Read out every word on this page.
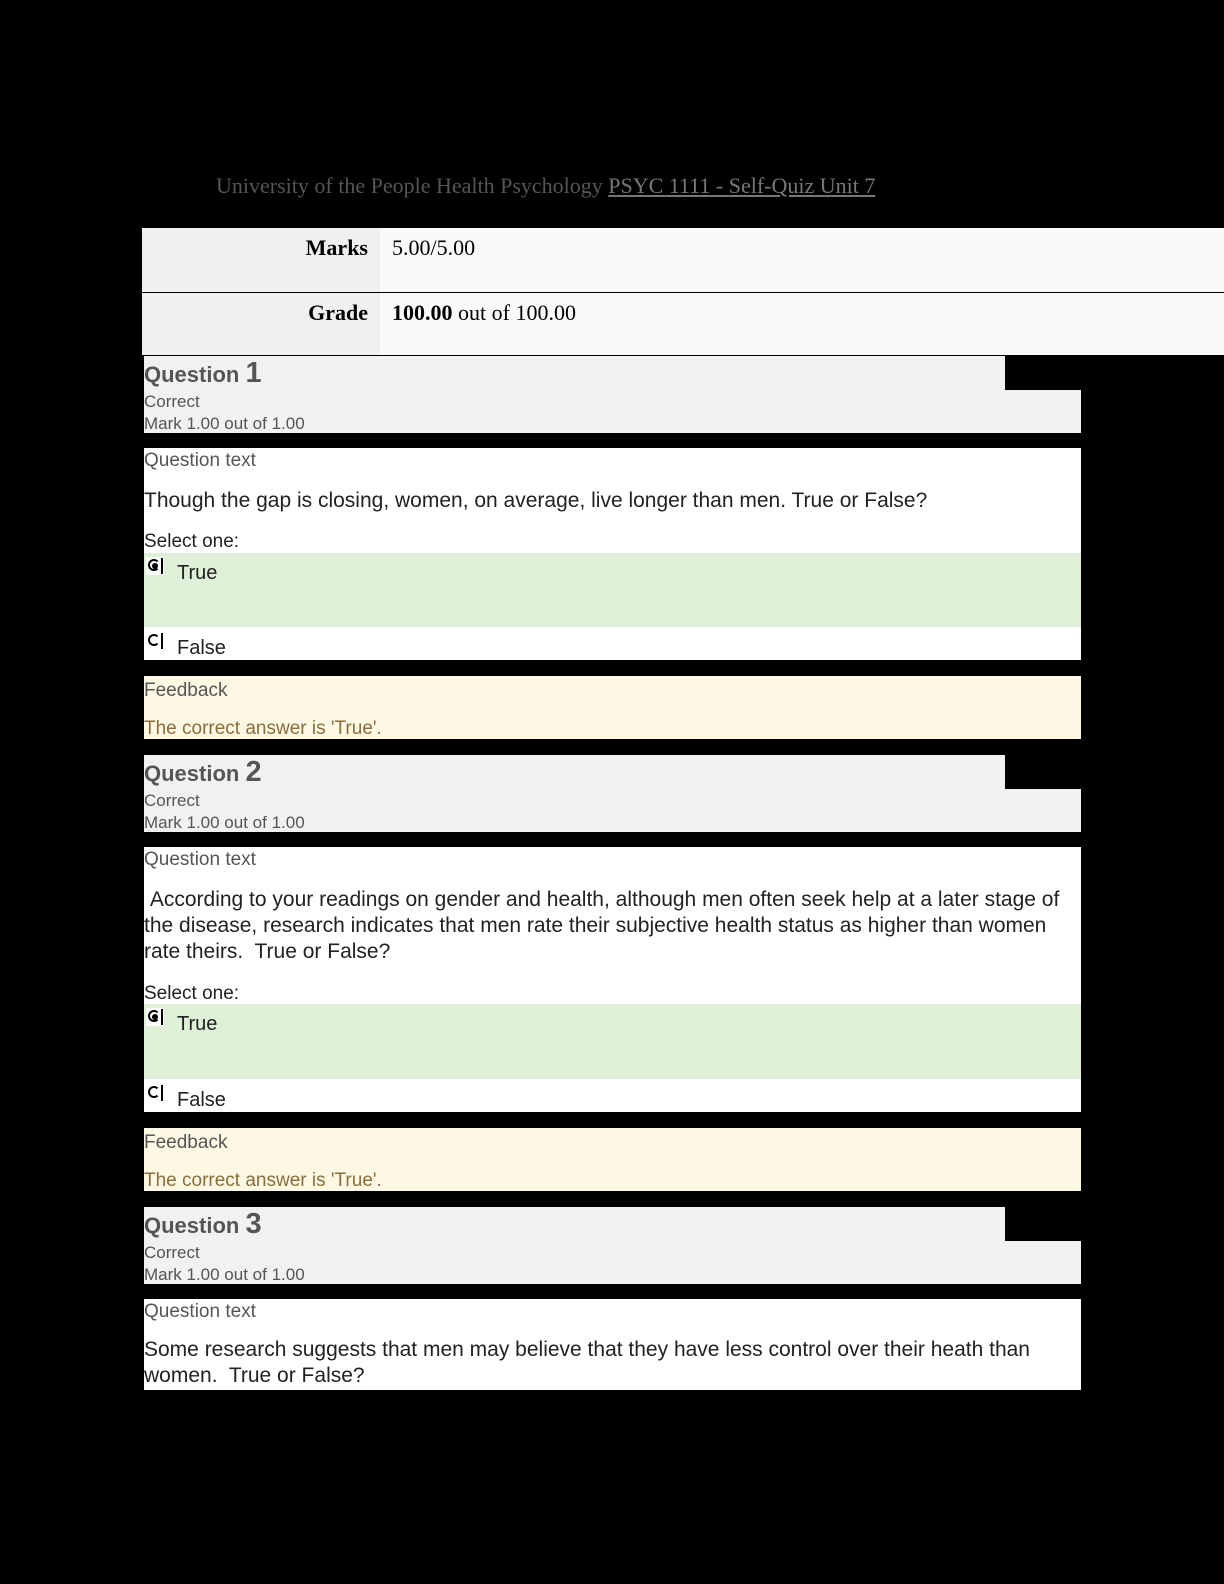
University of the People Health Psychology PSYC 1111 - Self-Quiz Unit 7
Marks	5.00/5.00
Grade	100.00 out of 100.00
Question 1
Correct
Mark 1.00 out of 1.00
Question text
Though the gap is closing, women, on average, live longer than men. True or False?
Select one:
True
False
Feedback
The correct answer is 'True'.
Question 2
Correct
Mark 1.00 out of 1.00
Question text
According to your readings on gender and health, although men often seek help at a later stage of the disease, research indicates that men rate their subjective health status as higher than women rate theirs.  True or False?
Select one:
True
False
Feedback
The correct answer is 'True'.
Question 3
Correct
Mark 1.00 out of 1.00
Question text
Some research suggests that men may believe that they have less control over their heath than women.  True or False?
